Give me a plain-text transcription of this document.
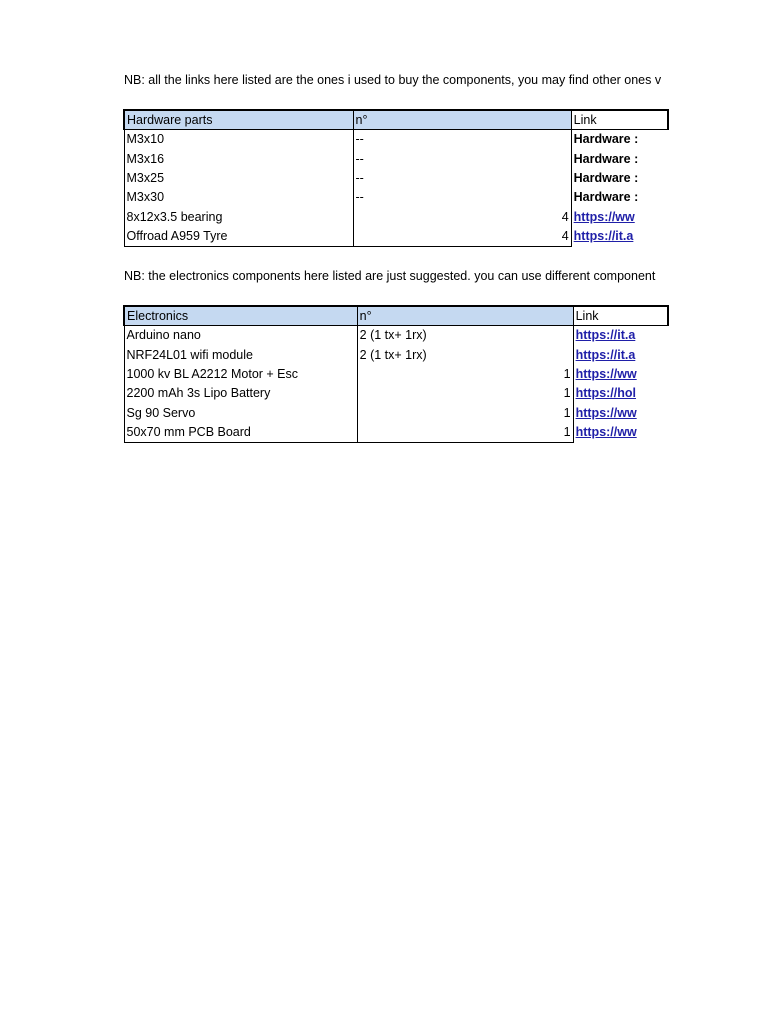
NB: all the links here listed are the ones i used to buy the components, you may find other ones v
Hardware parts	n°	Link
M3x10	--	Hardware :
M3x16	--	Hardware :
M3x25	--	Hardware :
M3x30	--	Hardware :
8x12x3.5 bearing	4	https://ww
Offroad A959 Tyre	4	https://it.a
NB: the electronics components here listed are just suggested. you can use different component
Electronics	n°	Link
Arduino nano	2 (1 tx+ 1rx)	https://it.a
NRF24L01 wifi module	2 (1 tx+ 1rx)	https://it.a
1000 kv BL A2212 Motor + Esc	1	https://ww
2200 mAh 3s Lipo Battery	1	https://hol
Sg 90 Servo	1	https://ww
50x70 mm PCB Board	1	https://ww
